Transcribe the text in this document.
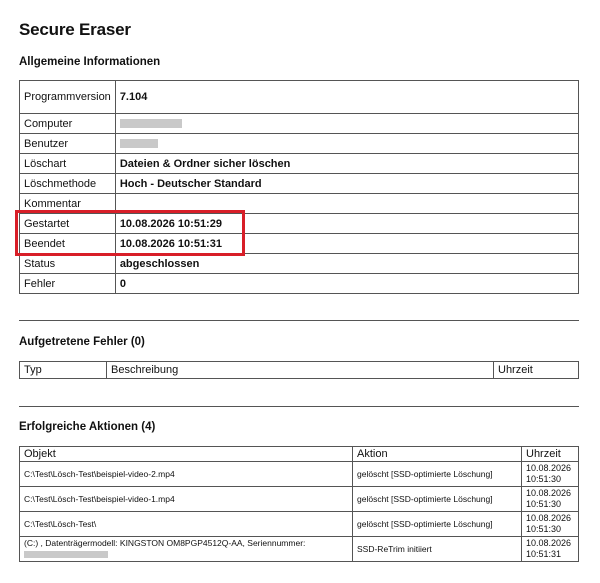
Secure Eraser
Allgemeine Informationen
Programmversion	7.104
Computer	
Benutzer	
Löschart	Dateien & Ordner sicher löschen
Löschmethode	Hoch - Deutscher Standard
Kommentar	
Gestartet	10.08.2026 10:51:29
Beendet	10.08.2026 10:51:31
Status	abgeschlossen
Fehler	0
Aufgetretene Fehler (0)
Typ	Beschreibung	Uhrzeit
Erfolgreiche Aktionen (4)
Objekt	Aktion	Uhrzeit
C:\Test\Lösch-Test\beispiel-video-2.mp4	gelöscht [SSD-optimierte Löschung]	10.08.2026
10:51:30
C:\Test\Lösch-Test\beispiel-video-1.mp4	gelöscht [SSD-optimierte Löschung]	10.08.2026
10:51:30
C:\Test\Lösch-Test\	gelöscht [SSD-optimierte Löschung]	10.08.2026
10:51:30
(C:) , Datenträgermodell: KINGSTON OM8PGP4512Q-AA, Seriennummer:	SSD-ReTrim initiiert	10.08.2026
10:51:31
